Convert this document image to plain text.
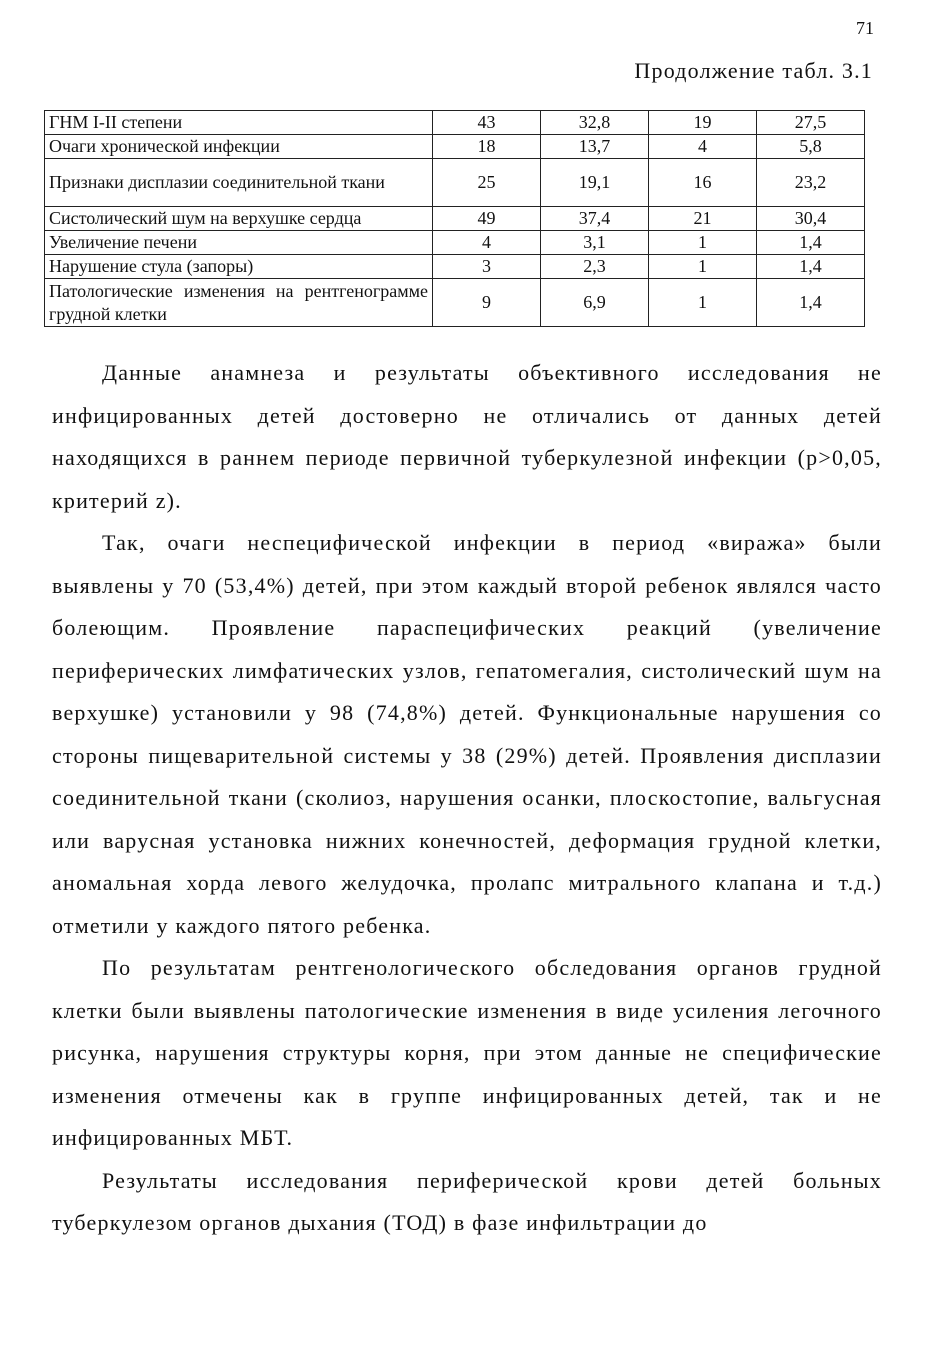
71
Продолжение табл. 3.1
ГНМ I-II степени	43	32,8	19	27,5
Очаги хронической инфекции	18	13,7	4	5,8
Признаки дисплазии соединительной ткани	25	19,1	16	23,2
Систолический шум на верхушке сердца	49	37,4	21	30,4
Увеличение печени	4	3,1	1	1,4
Нарушение стула (запоры)	3	2,3	1	1,4
Патологические изменения на рентгенограмме грудной клетки	9	6,9	1	1,4

Данные анамнеза и результаты объективного исследования не инфицированных детей достоверно не отличались от данных детей находящихся в раннем периоде первичной туберкулезной инфекции (p>0,05, критерий z).

Так, очаги неспецифической инфекции в период «виража» были выявлены у 70 (53,4%) детей, при этом каждый второй ребенок являлся часто болеющим. Проявление параспецифических реакций (увеличение периферических лимфатических узлов, гепатомегалия, систолический шум на верхушке) установили у 98 (74,8%) детей. Функциональные нарушения со стороны пищеварительной системы у 38 (29%) детей. Проявления дисплазии соединительной ткани (сколиоз, нарушения осанки, плоскостопие, вальгусная или варусная установка нижних конечностей, деформация грудной клетки, аномальная хорда левого желудочка, пролапс митрального клапана и т.д.) отметили у каждого пятого ребенка.

По результатам рентгенологического обследования органов грудной клетки были выявлены патологические изменения в виде усиления легочного рисунка, нарушения структуры корня, при этом данные не специфические изменения отмечены как в группе инфицированных детей, так и не инфицированных МБТ.

Результаты исследования периферической крови детей больных туберкулезом органов дыхания (ТОД) в фазе инфильтрации до
